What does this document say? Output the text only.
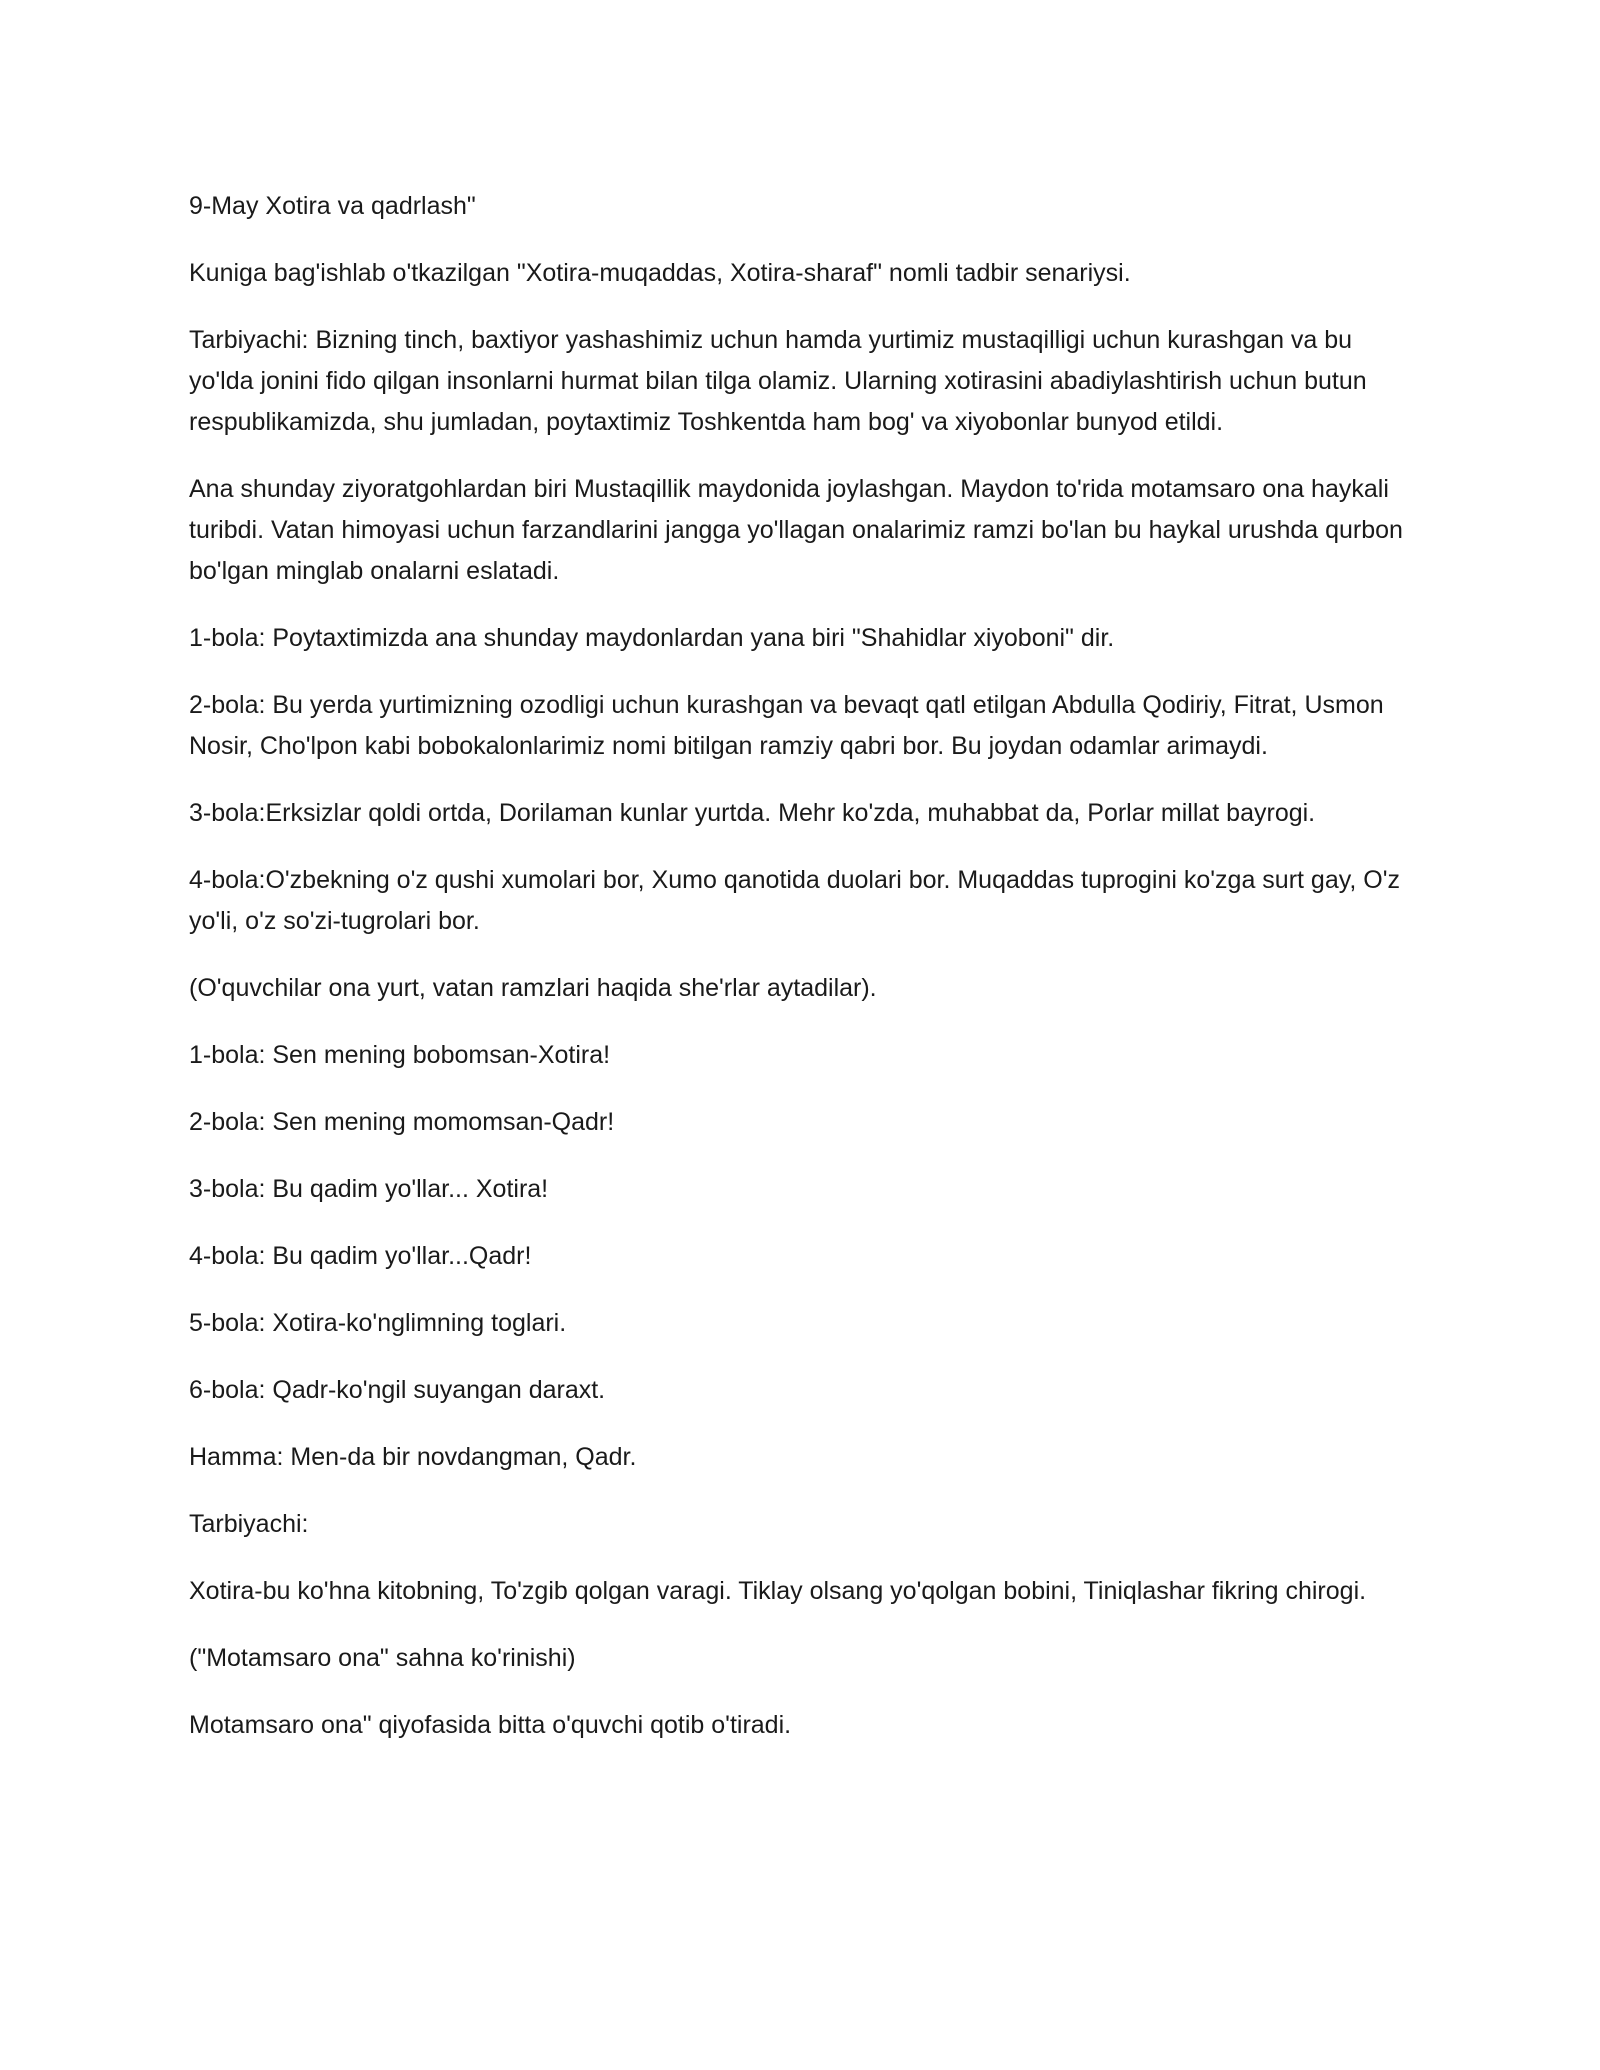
9-May Xotira va qadrlash"

Kuniga bag'ishlab o'tkazilgan "Xotira-muqaddas, Xotira-sharaf" nomli tadbir senariysi.

Tarbiyachi: Bizning tinch, baxtiyor yashashimiz uchun hamda yurtimiz mustaqilligi uchun kurashgan va bu yo'lda jonini fido qilgan insonlarni hurmat bilan tilga olamiz. Ularning xotirasini abadiylashtirish uchun butun respublikamizda, shu jumladan, poytaxtimiz Toshkentda ham bog' va xiyobonlar bunyod etildi.

Ana shunday ziyoratgohlardan biri Mustaqillik maydonida joylashgan. Maydon to'rida motamsaro ona haykali turibdi. Vatan himoyasi uchun farzandlarini jangga yo'llagan onalarimiz ramzi bo'lan bu haykal urushda qurbon bo'lgan minglab onalarni eslatadi.

1-bola: Poytaxtimizda ana shunday maydonlardan yana biri "Shahidlar xiyoboni" dir.

2-bola: Bu yerda yurtimizning ozodligi uchun kurashgan va bevaqt qatl etilgan Abdulla Qodiriy, Fitrat, Usmon Nosir, Cho'lpon kabi bobokalonlarimiz nomi bitilgan ramziy qabri bor. Bu joydan odamlar arimaydi.

3-bola:Erksizlar qoldi ortda, Dorilaman kunlar yurtda. Mehr ko'zda, muhabbat da, Porlar millat bayrogi.

4-bola:O'zbekning o'z qushi xumolari bor, Xumo qanotida duolari bor. Muqaddas tuprogini ko'zga surt gay, O'z yo'li, o'z so'zi-tugrolari bor.

(O'quvchilar ona yurt, vatan ramzlari haqida she'rlar aytadilar).

1-bola: Sen mening bobomsan-Xotira!

2-bola: Sen mening momomsan-Qadr!

3-bola: Bu qadim yo'llar... Xotira!

4-bola: Bu qadim yo'llar...Qadr!

5-bola: Xotira-ko'nglimning toglari.

6-bola: Qadr-ko'ngil suyangan daraxt.

Hamma: Men-da bir novdangman, Qadr.

Tarbiyachi:

Xotira-bu ko'hna kitobning, To'zgib qolgan varagi. Tiklay olsang yo'qolgan bobini, Tiniqlashar fikring chirogi.

("Motamsaro ona" sahna ko'rinishi)

Motamsaro ona" qiyofasida bitta o'quvchi qotib o'tiradi.
